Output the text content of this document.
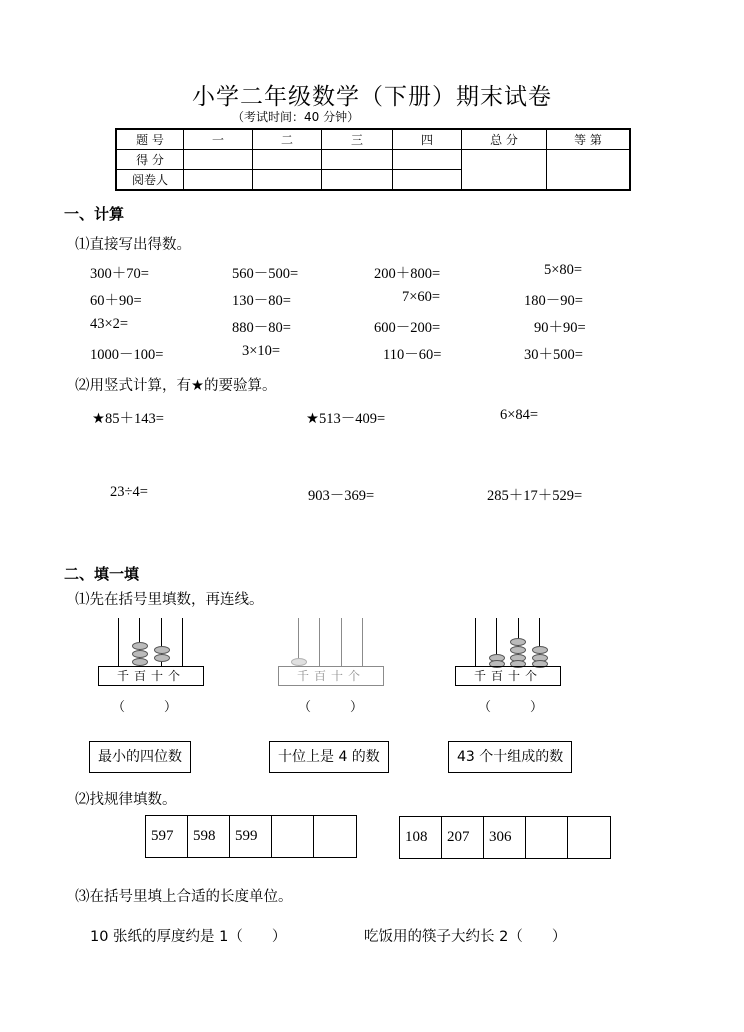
小学二年级数学（下册）期末试卷
（考试时间：40 分钟）
题 号	一	二	三	四	总 分	等 第
得 分						
阅卷人						
一、计算
⑴直接写出得数。
300＋70=	560－500=	200＋800=	5×80=
60＋90=	130－80=	7×60=	180－90=
43×2=	880－80=	600－200=	90＋90=
1000－100=	3×10=	110－60=	30＋500=
⑵用竖式计算，有★的要验算。
★85＋143=	★513－409=	6×84=
23÷4=	903－369=	285＋17＋529=
二、填一填
⑴先在括号里填数，再连线。
千百十个
（　　　）
千百十个
（　　　）
千百十个
（　　　）
最小的四位数	十位上是 4 的数	43 个十组成的数
⑵找规律填数。
597	598	599	108	207	306
⑶在括号里填上合适的长度单位。
10 张纸的厚度约是 1（　　）	吃饭用的筷子大约长 2（　　）
